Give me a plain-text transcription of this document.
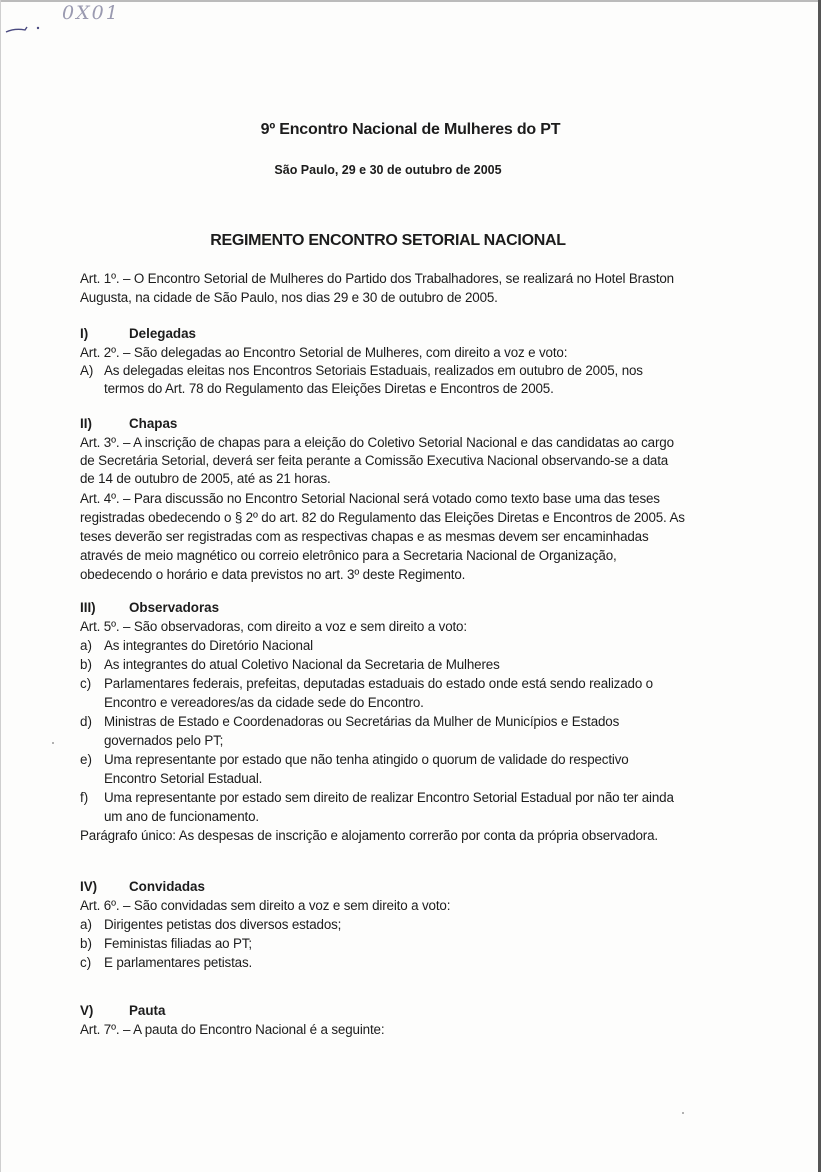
0X01
9º Encontro Nacional de Mulheres do PT
São Paulo, 29 e 30 de outubro de 2005
REGIMENTO ENCONTRO SETORIAL NACIONAL
Art. 1º. – O Encontro Setorial de Mulheres do Partido dos Trabalhadores, se realizará no Hotel Braston
Augusta, na cidade de São Paulo, nos dias 29 e 30 de outubro de 2005.
I)	Delegadas
Art. 2º. – São delegadas ao Encontro Setorial de Mulheres, com direito a voz e voto:
A) As delegadas eleitas nos Encontros Setoriais Estaduais, realizados em outubro de 2005, nos
termos do Art. 78 do Regulamento das Eleições Diretas e Encontros de 2005.
II)	Chapas
Art. 3º. – A inscrição de chapas para a eleição do Coletivo Setorial Nacional e das candidatas ao cargo
de Secretária Setorial, deverá ser feita perante a Comissão Executiva Nacional observando-se a data
de 14 de outubro de 2005, até as 21 horas.
Art. 4º. – Para discussão no Encontro Setorial Nacional será votado como texto base uma das teses
registradas obedecendo o § 2º do art. 82 do Regulamento das Eleições Diretas e Encontros de 2005. As
teses deverão ser registradas com as respectivas chapas e as mesmas devem ser encaminhadas
através de meio magnético ou correio eletrônico para a Secretaria Nacional de Organização,
obedecendo o horário e data previstos no art. 3º deste Regimento.
III) Observadoras
Art. 5º. – São observadoras, com direito a voz e sem direito a voto:
a) As integrantes do Diretório Nacional
b) As integrantes do atual Coletivo Nacional da Secretaria de Mulheres
c) Parlamentares federais, prefeitas, deputadas estaduais do estado onde está sendo realizado o
Encontro e vereadores/as da cidade sede do Encontro.
d) Ministras de Estado e Coordenadoras ou Secretárias da Mulher de Municípios e Estados
governados pelo PT;
e) Uma representante por estado que não tenha atingido o quorum de validade do respectivo
Encontro Setorial Estadual.
f) Uma representante por estado sem direito de realizar Encontro Setorial Estadual por não ter ainda
um ano de funcionamento.
Parágrafo único: As despesas de inscrição e alojamento correrão por conta da própria observadora.
IV) Convidadas
Art. 6º. – São convidadas sem direito a voz e sem direito a voto:
a) Dirigentes petistas dos diversos estados;
b) Feministas filiadas ao PT;
c) E parlamentares petistas.
V)	Pauta
Art. 7º. – A pauta do Encontro Nacional é a seguinte:
